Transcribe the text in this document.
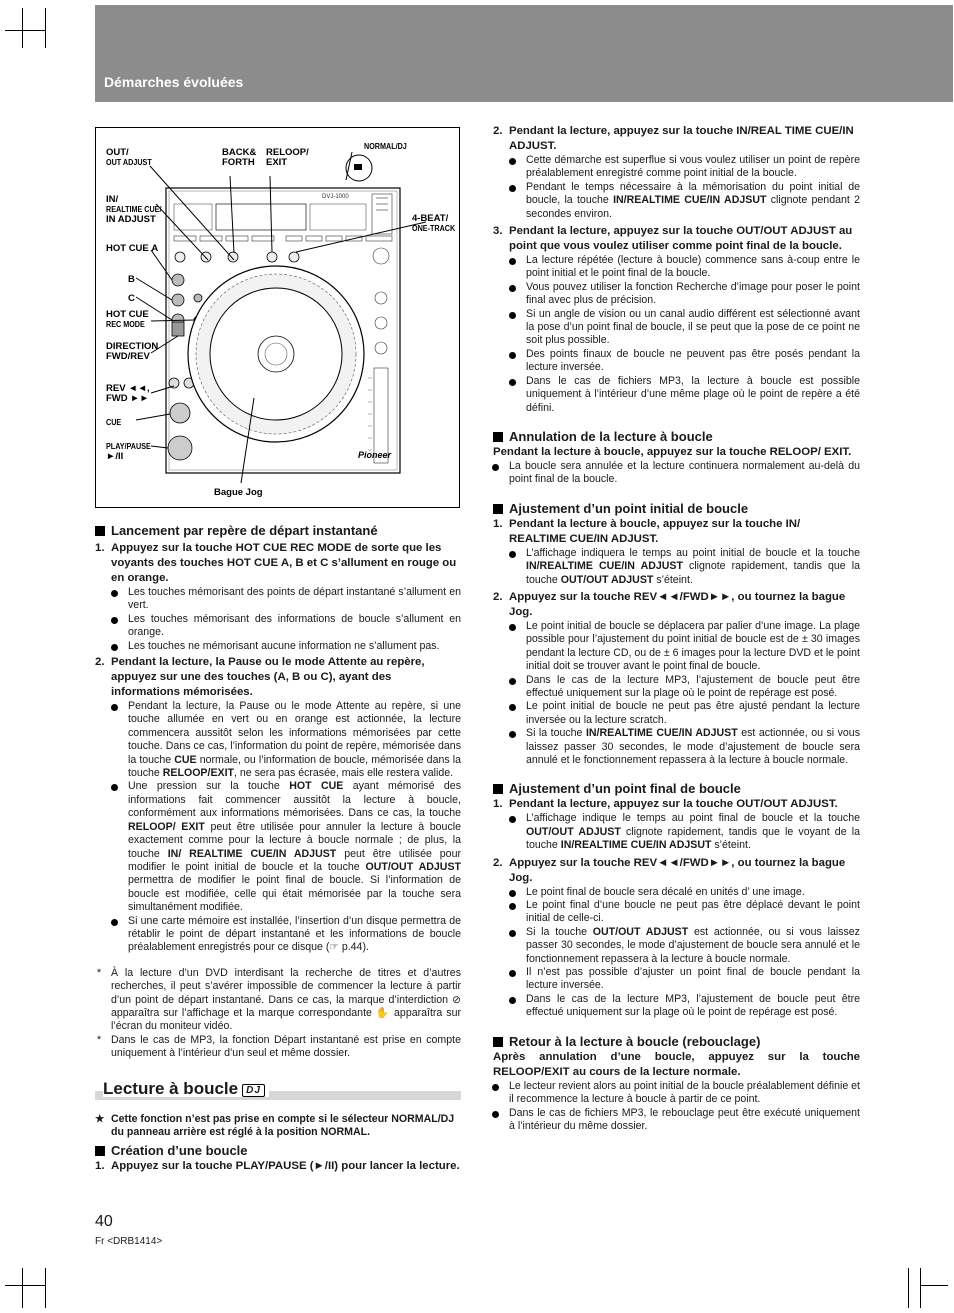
Démarches évoluées
Pioneer
DVJ-1000
OUT/
OUT ADJUST
IN/
REALTIME CUE/
IN ADJUST
HOT CUE A
B
C
HOT CUE
REC MODE
DIRECTION
FWD/REV
REV ◄◄,
FWD ►►
CUE
PLAY/PAUSE
►/II
BACK&
FORTH
RELOOP/
EXIT
NORMAL/DJ
4-BEAT/
ONE-TRACK
Bague Jog

Lancement par repère de départ instantané

1. Appuyez sur la touche HOT CUE REC MODE de sorte que les voyants des touches HOT CUE A, B et C s’allument en rouge ou en orange.

Les touches mémorisant des points de départ instantané s’allument en vert.
Les touches mémorisant des informations de boucle s’allument en orange.
Les touches ne mémorisant aucune information ne s’allument pas.

2. Pendant la lecture, la Pause ou le mode Attente au repère, appuyez sur une des touches (A, B ou C), ayant des informations mémorisées.

Pendant la lecture, la Pause ou le mode Attente au repère, si une touche allumée en vert ou en orange est actionnée, la lecture commencera aussitôt selon les informations mémorisées par cette touche. Dans ce cas, l’information du point de repère, mémorisée dans la touche CUE normale, ou l’information de boucle, mémorisée dans la touche RELOOP/EXIT, ne sera pas écrasée, mais elle restera valide.
Une pression sur la touche HOT CUE ayant mémorisé des informations fait commencer aussitôt la lecture à boucle, conformément aux informations mémorisées. Dans ce cas, la touche RELOOP/ EXIT peut être utilisée pour annuler la lecture à boucle exactement comme pour la lecture à boucle normale ; de plus, la touche IN/ REALTIME CUE/IN ADJUST peut être utilisée pour modifier le point initial de boucle et la touche OUT/OUT ADJUST permettra de modifier le point final de boucle. Si l’information de boucle est modifiée, celle qui était mémorisée par la touche sera simultanément modifiée.
Si une carte mémoire est installée, l’insertion d’un disque permettra de rétablir le point de départ instantané et les informations de boucle préalablement enregistrés pour ce disque (☞ p.44).

* À la lecture d’un DVD interdisant la recherche de titres et d’autres recherches, il peut s’avérer impossible de commencer la lecture à partir d’un point de départ instantané. Dans ce cas, la marque d’interdiction ⊘ apparaîtra sur l’affichage et la marque correspondante ✋ apparaîtra sur l’écran du moniteur vidéo.

* Dans le cas de MP3, la fonction Départ instantané est prise en compte uniquement à l’intérieur d’un seul et même dossier.

Lecture à boucle DJ

★ Cette fonction n’est pas prise en compte si le sélecteur NORMAL/DJ du panneau arrière est réglé à la position NORMAL.

Création d’une boucle

1. Appuyez sur la touche PLAY/PAUSE (►/II) pour lancer la lecture.

2. Pendant la lecture, appuyez sur la touche IN/REAL TIME CUE/IN ADJUST.

Cette démarche est superflue si vous voulez utiliser un point de repère préalablement enregistré comme point initial de la boucle.
Pendant le temps nécessaire à la mémorisation du point initial de boucle, la touche IN/REALTIME CUE/IN ADJSUT clignote pendant 2 secondes environ.

3. Pendant la lecture, appuyez sur la touche OUT/OUT ADJUST au point que vous voulez utiliser comme point final de la boucle.

La lecture répétée (lecture à boucle) commence sans à-coup entre le point initial et le point final de la boucle.
Vous pouvez utiliser la fonction Recherche d’image pour poser le point final avec plus de précision.
Si un angle de vision ou un canal audio différent est sélectionné avant la pose d’un point final de boucle, il se peut que la pose de ce point ne soit plus possible.
Des points finaux de boucle ne peuvent pas être posés pendant la lecture inversée.
Dans le cas de fichiers MP3, la lecture à boucle est possible uniquement à l’intérieur d’une même plage où le point de repère a été défini.

Annulation de la lecture à boucle

Pendant la lecture à boucle, appuyez sur la touche RELOOP/ EXIT.

La boucle sera annulée et la lecture continuera normalement au-delà du point final de la boucle.

Ajustement d’un point initial de boucle

1. Pendant la lecture à boucle, appuyez sur la touche IN/ REALTIME CUE/IN ADJUST.

L’affichage indiquera le temps au point initial de boucle et la touche IN/REALTIME CUE/IN ADJUST clignote rapidement, tandis que la touche OUT/OUT ADJUST s’éteint.

2. Appuyez sur la touche REV◄◄/FWD►►, ou tournez la bague Jog.

Le point initial de boucle se déplacera par palier d’une image. La plage possible pour l’ajustement du point initial de boucle est de ± 30 images pendant la lecture CD, ou de ± 6 images pour la lecture DVD et le point initial doit se trouver avant le point final de boucle.
Dans le cas de la lecture MP3, l’ajustement de boucle peut être effectué uniquement sur la plage où le point de repérage est posé.
Le point initial de boucle ne peut pas être ajusté pendant la lecture inversée ou la lecture scratch.
Si la touche IN/REALTIME CUE/IN ADJUST est actionnée, ou si vous laissez passer 30 secondes, le mode d’ajustement de boucle sera annulé et le fonctionnement repassera à la lecture à boucle normale.

Ajustement d’un point final de boucle

1. Pendant la lecture, appuyez sur la touche OUT/OUT ADJUST.

L’affichage indique le temps au point final de boucle et la touche OUT/OUT ADJUST clignote rapidement, tandis que le voyant de la touche IN/REALTIME CUE/IN ADJSUT s’éteint.

2. Appuyez sur la touche REV◄◄/FWD►►, ou tournez la bague Jog.

Le point final de boucle sera décalé en unités d’ une image.
Le point final d’une boucle ne peut pas être déplacé devant le point initial de celle-ci.
Si la touche OUT/OUT ADJUST est actionnée, ou si vous laissez passer 30 secondes, le mode d’ajustement de boucle sera annulé et le fonctionnement repassera à la lecture à boucle normale.
Il n’est pas possible d’ajuster un point final de boucle pendant la lecture inversée.
Dans le cas de la lecture MP3, l’ajustement de boucle peut être effectué uniquement sur la plage où le point de repérage est posé.

Retour à la lecture à boucle (rebouclage)

Après annulation d’une boucle, appuyez sur la touche RELOOP/EXIT au cours de la lecture normale.

Le lecteur revient alors au point initial de la boucle préalablement définie et il recommence la lecture à boucle à partir de ce point.
Dans le cas de fichiers MP3, le rebouclage peut être exécuté uniquement à l’intérieur du même dossier.
40
Fr <DRB1414>
